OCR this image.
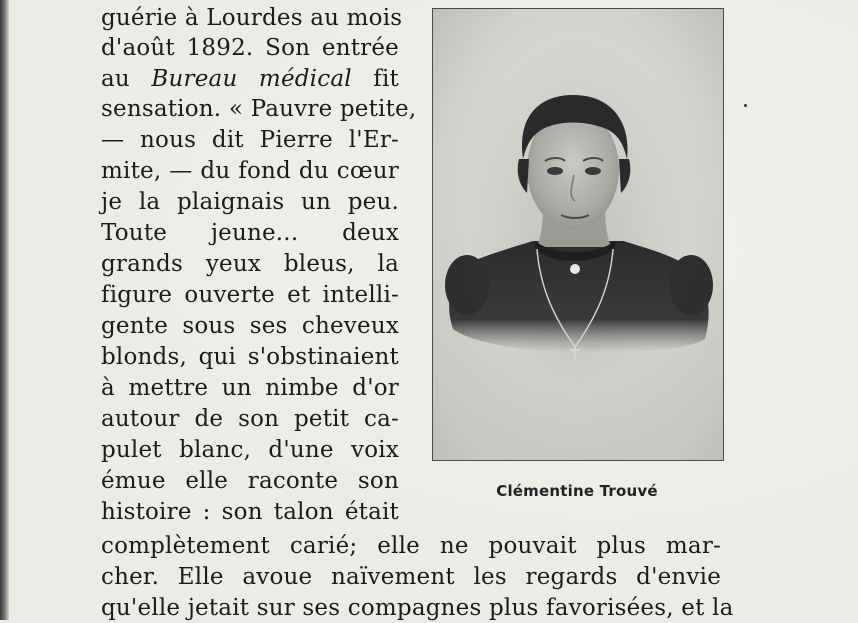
guérie à Lourdes au mois
d'août 1892. Son entrée
au Bureau médical fit
sensation. « Pauvre petite,
— nous dit Pierre l'Er-
mite, — du fond du cœur
je la plaignais un peu.
Toute jeune... deux
grands yeux bleus, la
figure ouverte et intelli-
gente sous ses cheveux
blonds, qui s'obstinaient
à mettre un nimbe d'or
autour de son petit ca-
pulet blanc, d'une voix
émue elle raconte son
histoire : son talon était
complètement carié; elle ne pouvait plus mar-
cher. Elle avoue naïvement les regards d'envie
qu'elle jetait sur ses compagnes plus favorisées, et la
Clémentine Trouvé
